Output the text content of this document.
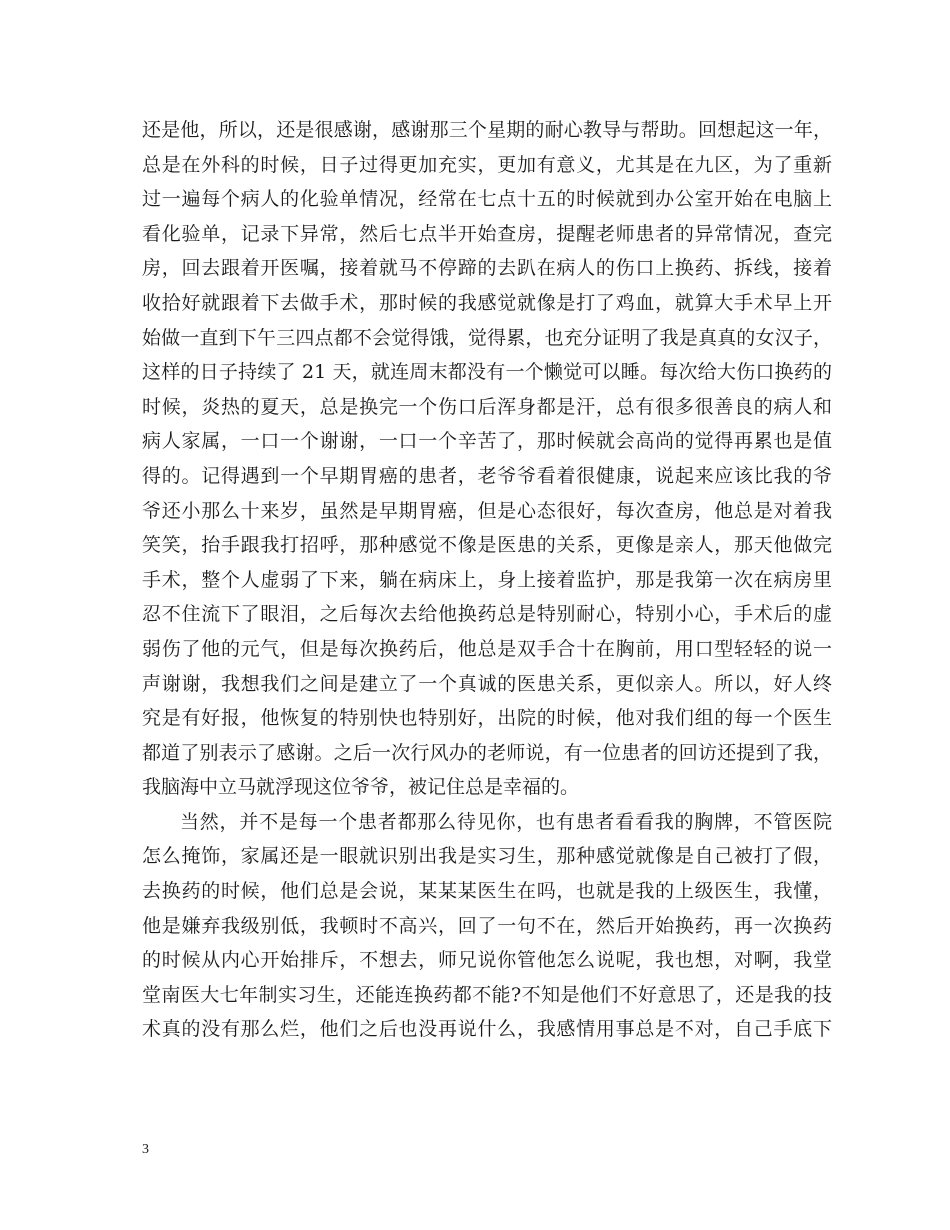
还是他，所以，还是很感谢，感谢那三个星期的耐心教导与帮助。回想起这一年，
总是在外科的时候，日子过得更加充实，更加有意义，尤其是在九区，为了重新
过一遍每个病人的化验单情况，经常在七点十五的时候就到办公室开始在电脑上
看化验单，记录下异常，然后七点半开始查房，提醒老师患者的异常情况，查完
房，回去跟着开医嘱，接着就马不停蹄的去趴在病人的伤口上换药、拆线，接着
收拾好就跟着下去做手术，那时候的我感觉就像是打了鸡血，就算大手术早上开
始做一直到下午三四点都不会觉得饿，觉得累，也充分证明了我是真真的女汉子，
这样的日子持续了 21 天，就连周末都没有一个懒觉可以睡。每次给大伤口换药的
时候，炎热的夏天，总是换完一个伤口后浑身都是汗，总有很多很善良的病人和
病人家属，一口一个谢谢，一口一个辛苦了，那时候就会高尚的觉得再累也是值
得的。记得遇到一个早期胃癌的患者，老爷爷看着很健康，说起来应该比我的爷
爷还小那么十来岁，虽然是早期胃癌，但是心态很好，每次查房，他总是对着我
笑笑，抬手跟我打招呼，那种感觉不像是医患的关系，更像是亲人，那天他做完
手术，整个人虚弱了下来，躺在病床上，身上接着监护，那是我第一次在病房里
忍不住流下了眼泪，之后每次去给他换药总是特别耐心，特别小心，手术后的虚
弱伤了他的元气，但是每次换药后，他总是双手合十在胸前，用口型轻轻的说一
声谢谢，我想我们之间是建立了一个真诚的医患关系，更似亲人。所以，好人终
究是有好报，他恢复的特别快也特别好，出院的时候，他对我们组的每一个医生
都道了别表示了感谢。之后一次行风办的老师说，有一位患者的回访还提到了我，
我脑海中立马就浮现这位爷爷，被记住总是幸福的。
当然，并不是每一个患者都那么待见你，也有患者看看我的胸牌，不管医院
怎么掩饰，家属还是一眼就识别出我是实习生，那种感觉就像是自己被打了假，
去换药的时候，他们总是会说，某某某医生在吗，也就是我的上级医生，我懂，
他是嫌弃我级别低，我顿时不高兴，回了一句不在，然后开始换药，再一次换药
的时候从内心开始排斥，不想去，师兄说你管他怎么说呢，我也想，对啊，我堂
堂南医大七年制实习生，还能连换药都不能?不知是他们不好意思了，还是我的技
术真的没有那么烂，他们之后也没再说什么，我感情用事总是不对，自己手底下
3
